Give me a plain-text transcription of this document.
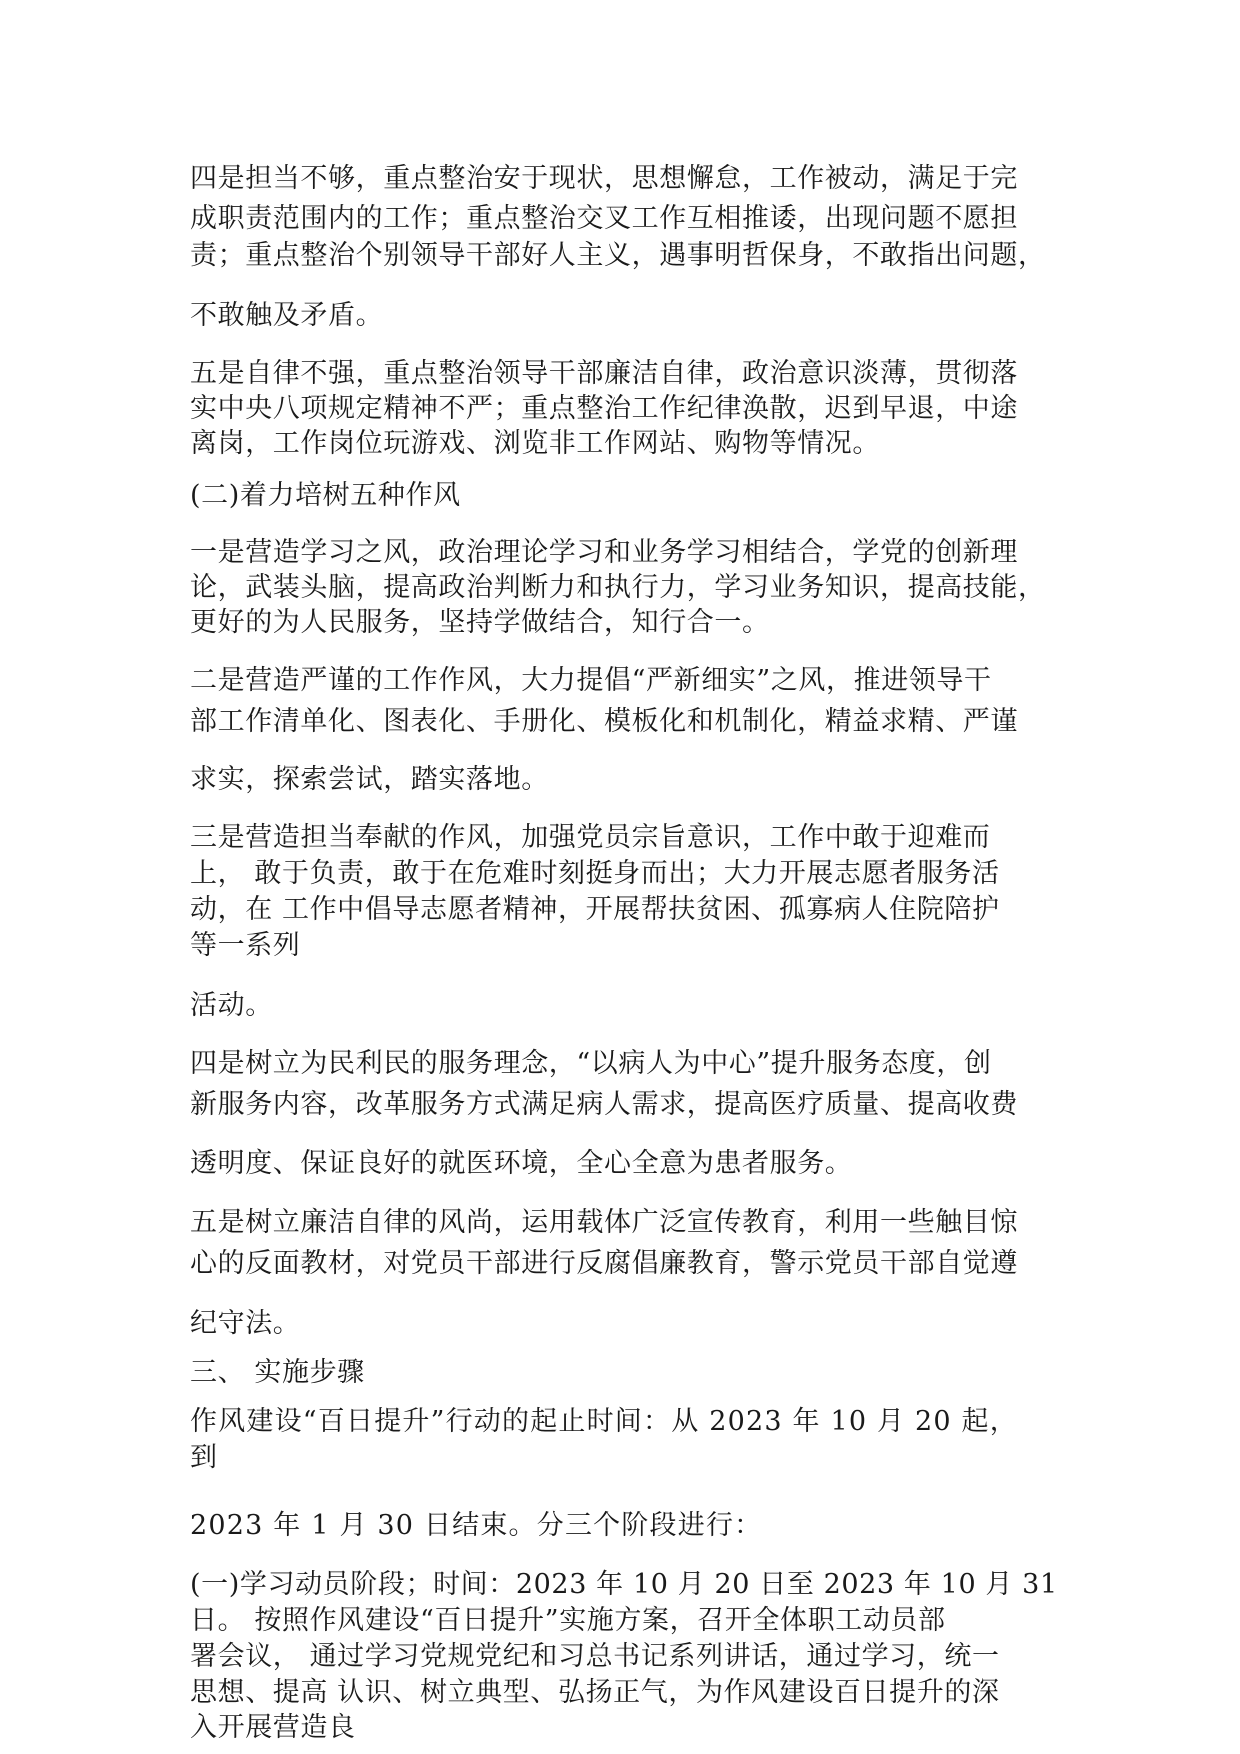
四是担当不够，重点整治安于现状，思想懈怠，工作被动，满足于完
成职责范围内的工作；重点整治交叉工作互相推诿，出现问题不愿担
责；重点整治个别领导干部好人主义，遇事明哲保身，不敢指出问题，
不敢触及矛盾。
五是自律不强，重点整治领导干部廉洁自律，政治意识淡薄，贯彻落
实中央八项规定精神不严；重点整治工作纪律涣散，迟到早退，中途
离岗，工作岗位玩游戏、浏览非工作网站、购物等情况。
(二)着力培树五种作风
一是营造学习之风，政治理论学习和业务学习相结合，学党的创新理
论，武装头脑，提高政治判断力和执行力，学习业务知识，提高技能，
更好的为人民服务，坚持学做结合，知行合一。
二是营造严谨的工作作风，大力提倡“严新细实”之风，推进领导干
部工作清单化、图表化、手册化、模板化和机制化，精益求精、严谨
求实，探索尝试，踏实落地。
三是营造担当奉献的作风，加强党员宗旨意识，工作中敢于迎难而
上， 敢于负责，敢于在危难时刻挺身而出；大力开展志愿者服务活
动，在 工作中倡导志愿者精神，开展帮扶贫困、孤寡病人住院陪护
等一系列
活动。
四是树立为民利民的服务理念，“以病人为中心”提升服务态度，创
新服务内容，改革服务方式满足病人需求，提高医疗质量、提高收费
透明度、保证良好的就医环境，全心全意为患者服务。
五是树立廉洁自律的风尚，运用载体广泛宣传教育，利用一些触目惊
心的反面教材，对党员干部进行反腐倡廉教育，警示党员干部自觉遵
纪守法。
三、 实施步骤
作风建设“百日提升”行动的起止时间：从 2023 年 10 月 20 起，
到
2023 年 1 月 30 日结束。分三个阶段进行：
(一)学习动员阶段；时间：2023 年 10 月 20 日至 2023 年 10 月 31
日。 按照作风建设“百日提升”实施方案，召开全体职工动员部
署会议， 通过学习党规党纪和习总书记系列讲话，通过学习，统一
思想、提高 认识、树立典型、弘扬正气，为作风建设百日提升的深
入开展营造良
